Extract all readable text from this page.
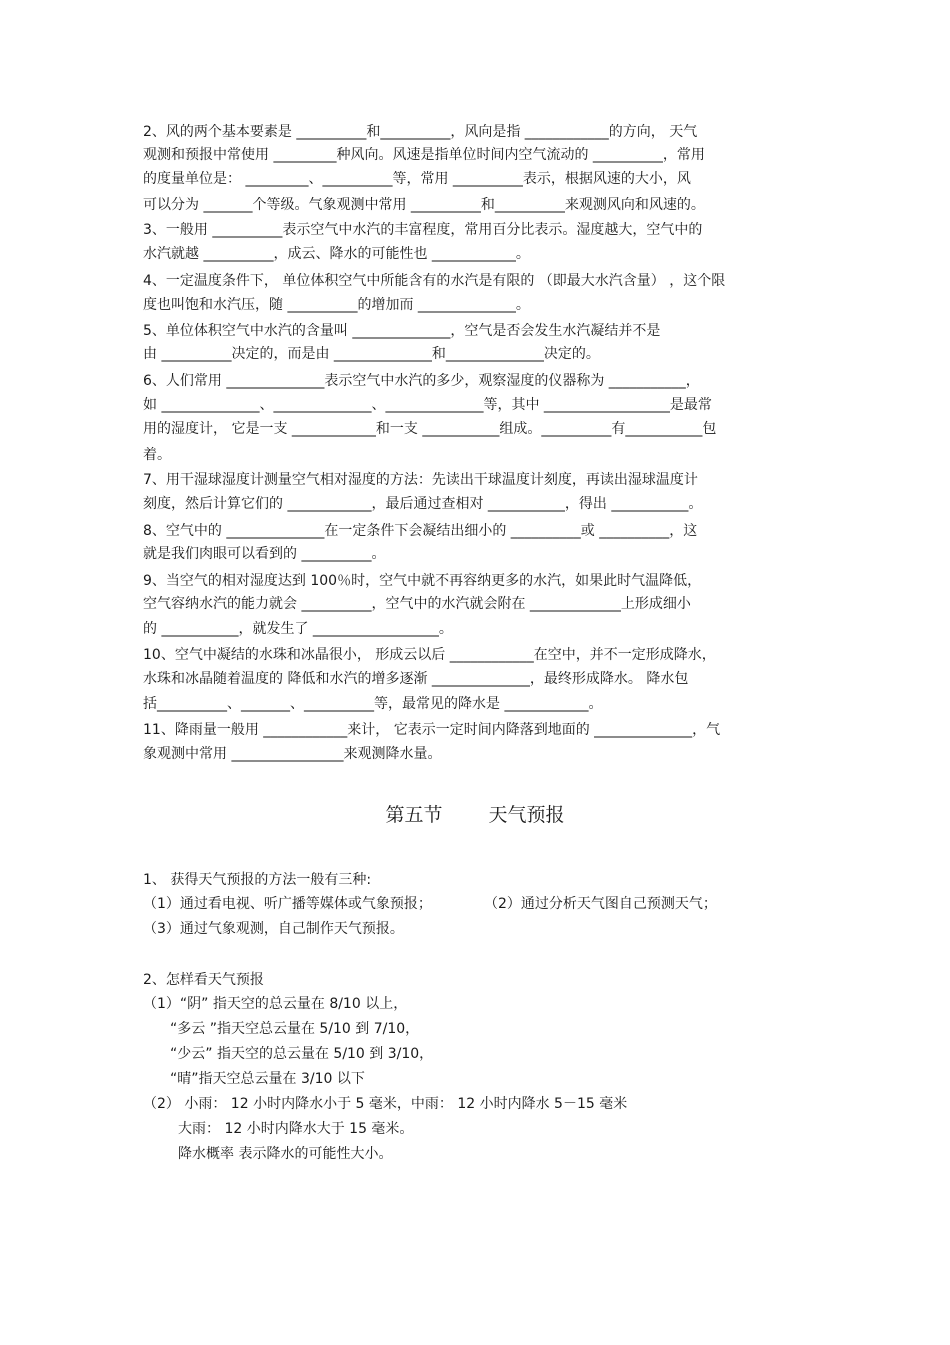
2、风的两个基本要素是 __________和__________，风向是指 ____________的方向， 天气
观测和预报中常使用 _________种风向。风速是指单位时间内空气流动的 __________，常用
的度量单位是： _________、__________等，常用 __________表示，根据风速的大小，风
可以分为 _______个等级。气象观测中常用 __________和__________来观测风向和风速的。
3、一般用 __________表示空气中水汽的丰富程度，常用百分比表示。湿度越大，空气中的
水汽就越 __________，成云、降水的可能性也 ____________。
4、一定温度条件下， 单位体积空气中所能含有的水汽是有限的 （即最大水汽含量） ，这个限
度也叫饱和水汽压，随 __________的增加而 ______________。
5、单位体积空气中水汽的含量叫 ______________，空气是否会发生水汽凝结并不是
由 __________决定的，而是由 ______________和______________决定的。
6、人们常用 ______________表示空气中水汽的多少，观察湿度的仪器称为 ___________，
如 ______________、______________、______________等，其中 __________________是最常
用的湿度计， 它是一支 ____________和一支 ___________组成。__________有___________包
着。
7、用干湿球湿度计测量空气相对湿度的方法：先读出干球温度计刻度，再读出湿球温度计
刻度，然后计算它们的 ____________，最后通过查相对 ___________，得出 ___________。
8、空气中的 ______________在一定条件下会凝结出细小的 __________或 __________，这
就是我们肉眼可以看到的 __________。
9、当空气的相对湿度达到 100％时，空气中就不再容纳更多的水汽，如果此时气温降低，
空气容纳水汽的能力就会 __________，空气中的水汽就会附在 _____________上形成细小
的 ___________，就发生了 __________________。
10、空气中凝结的水珠和冰晶很小， 形成云以后 ____________在空中，并不一定形成降水，
水珠和冰晶随着温度的 降低和水汽的增多逐渐 ______________，最终形成降水。 降水包
括__________、_______、__________等，最常见的降水是 ____________。
11、降雨量一般用 ____________来计， 它表示一定时间内降落到地面的 ______________，气
象观测中常用 ________________来观测降水量。
第五节 天气预报
1、 获得天气预报的方法一般有三种:
（1）通过看电视、听广播等媒体或气象预报；	（2）通过分析天气图自己预测天气；
（3）通过气象观测，自己制作天气预报。
2、怎样看天气预报
（1）“阴” 指天空的总云量在 8/10 以上，
“多云 ”指天空总云量在 5/10 到 7/10，
“少云” 指天空的总云量在 5/10 到 3/10，
“晴”指天空总云量在 3/10 以下
（2） 小雨： 12 小时内降水小于 5 毫米，中雨： 12 小时内降水 5－15 毫米
大雨： 12 小时内降水大于 15 毫米。
降水概率 表示降水的可能性大小。
